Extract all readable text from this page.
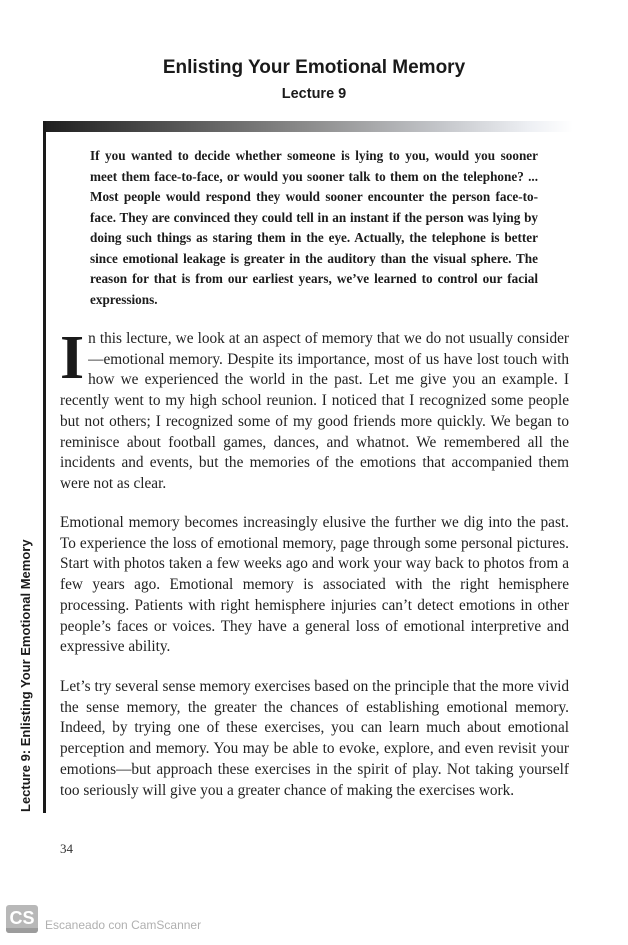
Enlisting Your Emotional Memory
Lecture 9
Lecture 9: Enlisting Your Emotional Memory
If you wanted to decide whether someone is lying to you, would you sooner meet them face-to-face, or would you sooner talk to them on the telephone? ... Most people would respond they would sooner encounter the person face-to-face. They are convinced they could tell in an instant if the person was lying by doing such things as staring them in the eye. Actually, the telephone is better since emotional leakage is greater in the auditory than the visual sphere. The reason for that is from our earliest years, we’ve learned to control our facial expressions.
In this lecture, we look at an aspect of memory that we do not usually consider—emotional memory. Despite its importance, most of us have lost touch with how we experienced the world in the past. Let me give you an example. I recently went to my high school reunion. I noticed that I recognized some people but not others; I recognized some of my good friends more quickly. We began to reminisce about football games, dances, and whatnot. We remembered all the incidents and events, but the memories of the emotions that accompanied them were not as clear.
Emotional memory becomes increasingly elusive the further we dig into the past. To experience the loss of emotional memory, page through some personal pictures. Start with photos taken a few weeks ago and work your way back to photos from a few years ago. Emotional memory is associated with the right hemisphere processing. Patients with right hemisphere injuries can’t detect emotions in other people’s faces or voices. They have a general loss of emotional interpretive and expressive ability.
Let’s try several sense memory exercises based on the principle that the more vivid the sense memory, the greater the chances of establishing emotional memory. Indeed, by trying one of these exercises, you can learn much about emotional perception and memory. You may be able to evoke, explore, and even revisit your emotions—but approach these exercises in the spirit of play. Not taking yourself too seriously will give you a greater chance of making the exercises work.
34
CS Escaneado con CamScanner
